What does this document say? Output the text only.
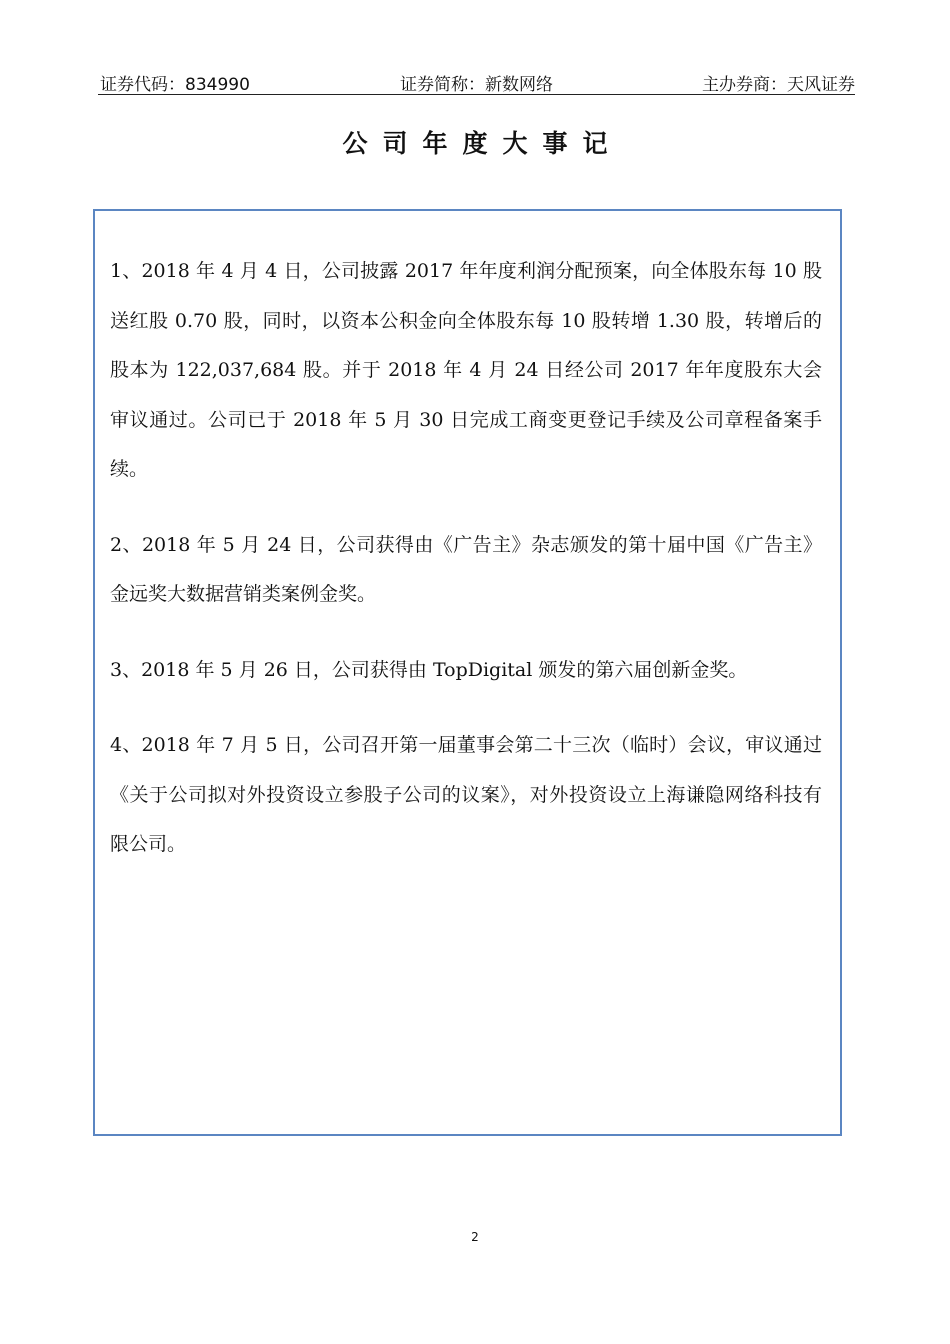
证券代码：834990	证券简称：新数网络	主办券商：天风证券
公司年度大事记

1、2018 年 4 月 4 日，公司披露 2017 年年度利润分配预案，向全体股东每 10 股送红股 0.70 股，同时，以资本公积金向全体股东每 10 股转增 1.30 股，转增后的股本为 122,037,684 股。并于 2018 年 4 月 24 日经公司 2017 年年度股东大会审议通过。公司已于 2018 年 5 月 30 日完成工商变更登记手续及公司章程备案手续。

2、2018 年 5 月 24 日，公司获得由《广告主》杂志颁发的第十届中国《广告主》金远奖大数据营销类案例金奖。

3、2018 年 5 月 26 日，公司获得由 TopDigital 颁发的第六届创新金奖。

4、2018 年 7 月 5 日，公司召开第一届董事会第二十三次（临时）会议，审议通过《关于公司拟对外投资设立参股子公司的议案》，对外投资设立上海谦隐网络科技有限公司。

2
